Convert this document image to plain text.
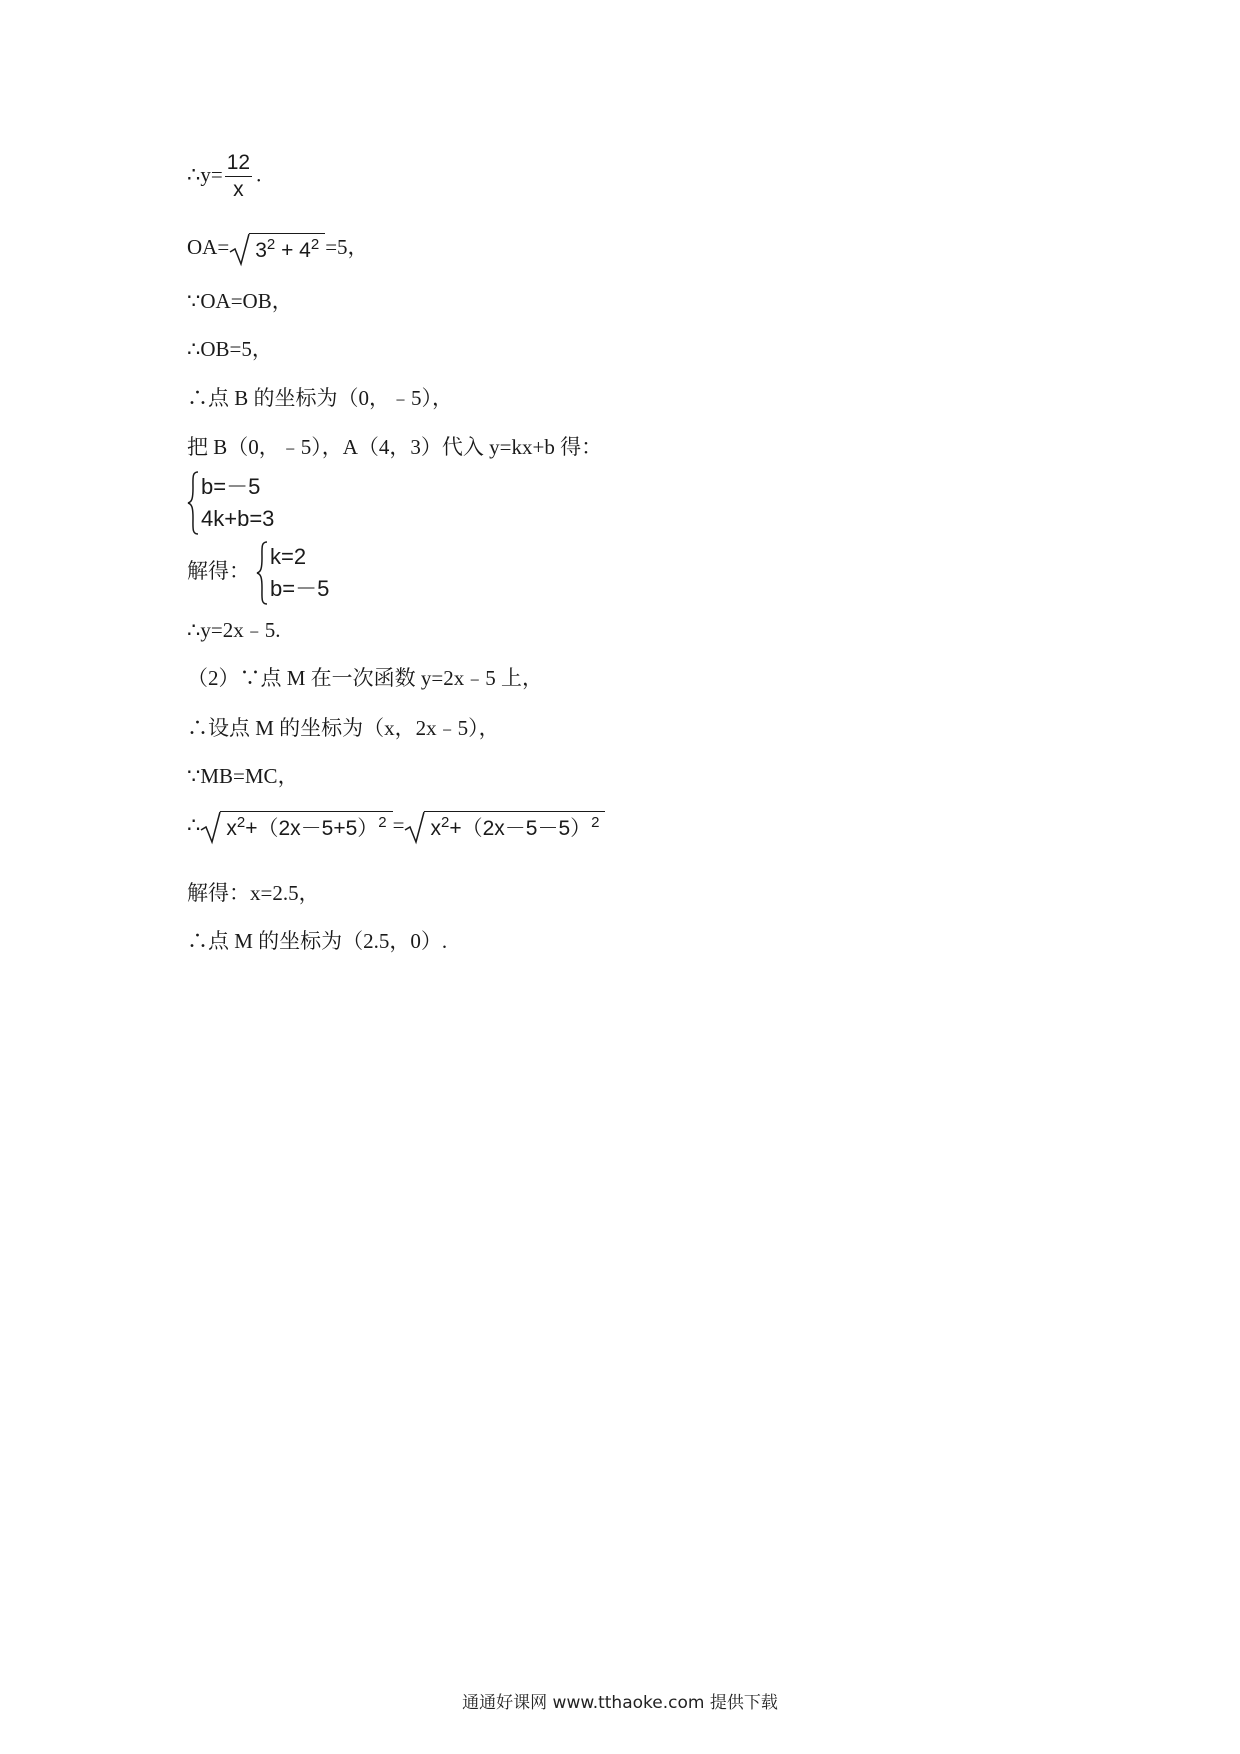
∴y= $\frac{12}{x}$ .
$OA= 3^2 + 4^2 =5$，
∵OA=OB，
∴OB=5，
∴点 B 的坐标为（0，﹣5），
把 B（0，﹣5），A（4，3）代入 y=kx+b 得：
b=－5
4k+b=3
解得：
k=2
b=－5
∴y=2x﹣5.
（2）∵点 M 在一次函数 y=2x﹣5 上，
∴设点 M 的坐标为（x，2x﹣5），
∵MB=MC，
∴ $x^2+(2x-5+5)^2 = x^2+(2x-5-5)^2$
解得：x=2.5，
∴点 M 的坐标为（2.5，0）.
通通好课网 www.tthaoke.com 提供下载
